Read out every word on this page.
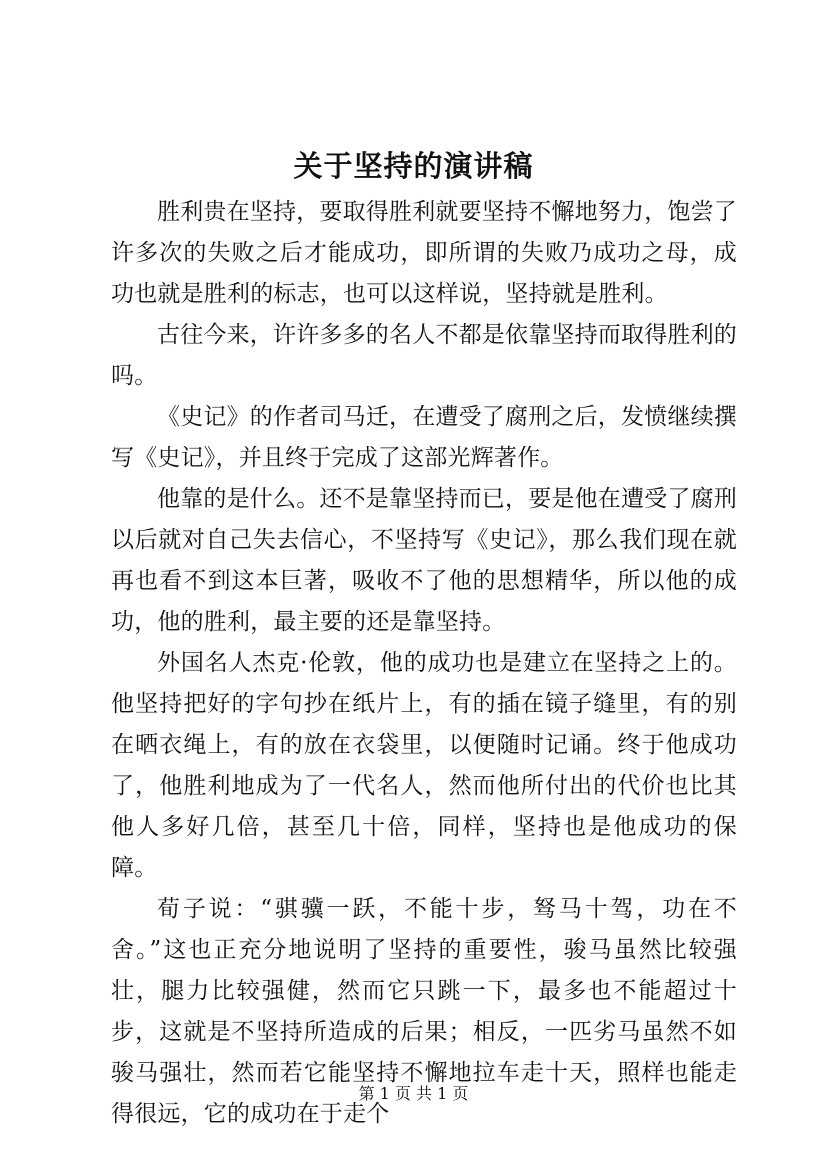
关于坚持的演讲稿

胜利贵在坚持，要取得胜利就要坚持不懈地努力，饱尝了许多次的失败之后才能成功，即所谓的失败乃成功之母，成功也就是胜利的标志，也可以这样说，坚持就是胜利。

古往今来，许许多多的名人不都是依靠坚持而取得胜利的吗。

《史记》的作者司马迁，在遭受了腐刑之后，发愤继续撰写《史记》，并且终于完成了这部光辉著作。

他靠的是什么。还不是靠坚持而已，要是他在遭受了腐刑以后就对自己失去信心，不坚持写《史记》，那么我们现在就再也看不到这本巨著，吸收不了他的思想精华，所以他的成功，他的胜利，最主要的还是靠坚持。

外国名人杰克·伦敦，他的成功也是建立在坚持之上的。他坚持把好的字句抄在纸片上，有的插在镜子缝里，有的别在晒衣绳上，有的放在衣袋里，以便随时记诵。终于他成功了，他胜利地成为了一代名人，然而他所付出的代价也比其他人多好几倍，甚至几十倍，同样，坚持也是他成功的保障。

荀子说：“骐骥一跃，不能十步，驽马十驾，功在不舍。”这也正充分地说明了坚持的重要性，骏马虽然比较强壮，腿力比较强健，然而它只跳一下，最多也不能超过十步，这就是不坚持所造成的后果；相反，一匹劣马虽然不如骏马强壮，然而若它能坚持不懈地拉车走十天，照样也能走得很远，它的成功在于走个

第 1 页 共 1 页
